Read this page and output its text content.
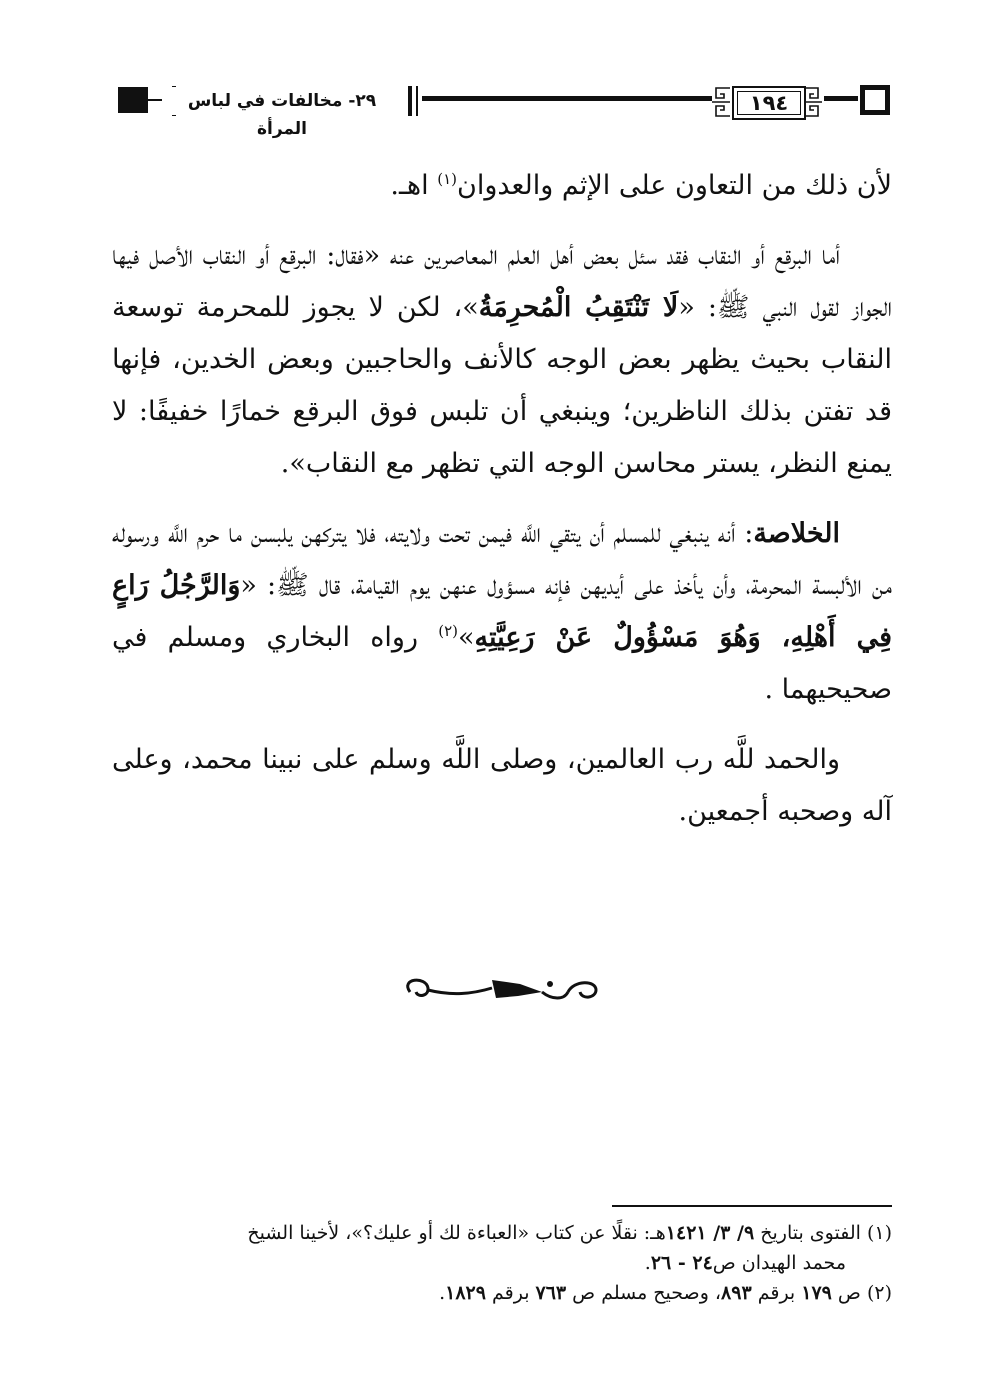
٢٩- مخالفات في لباس المرأة
١٩٤

لأن ذلك من التعاون على الإثم والعدوان$^{(١)}$ اهـ.

أما البرقع أو النقاب فقد سئل بعض أهل العلم المعاصرين عنه «فقال: البرقع أو النقاب الأصل فيها الجواز لقول النبي ﷺ: «لَا تَنْتَقِبُ الْمُحرِمَةُ»، لكن لا يجوز للمحرمة توسعة النقاب بحيث يظهر بعض الوجه كالأنف والحاجبين وبعض الخدين، فإنها قد تفتن بذلك الناظرين؛ وينبغي أن تلبس فوق البرقع خمارًا خفيفًا: لا يمنع النظر، يستر محاسن الوجه التي تظهر مع النقاب».

الخلاصة: أنه ينبغي للمسلم أن يتقي اللَّه فيمن تحت ولايته، فلا يتركهن يلبسن ما حرم اللَّه ورسوله من الألبسة المحرمة، وأن يأخذ على أيديهن فإنه مسؤول عنهن يوم القيامة، قال ﷺ: «وَالرَّجُلُ رَاعٍ فِي أَهْلِهِ، وَهُوَ مَسْؤُولٌ عَنْ رَعِيَّتِهِ»$^{(٢)}$ رواه البخاري ومسلم في صحيحيهما .

والحمد للَّه رب العالمين، وصلى اللَّه وسلم على نبينا محمد، وعلى آله وصحبه أجمعين.

(١) الفتوى بتاريخ ٩/ ٣/ ١٤٢١هـ: نقلًا عن كتاب «العباءة لك أو عليك؟»، لأخينا الشيخ
محمد الهيدان ص٢٤ - ٢٦.

(٢) ص ١٧٩ برقم ٨٩٣، وصحيح مسلم ص ٧٦٣ برقم ١٨٢٩.
